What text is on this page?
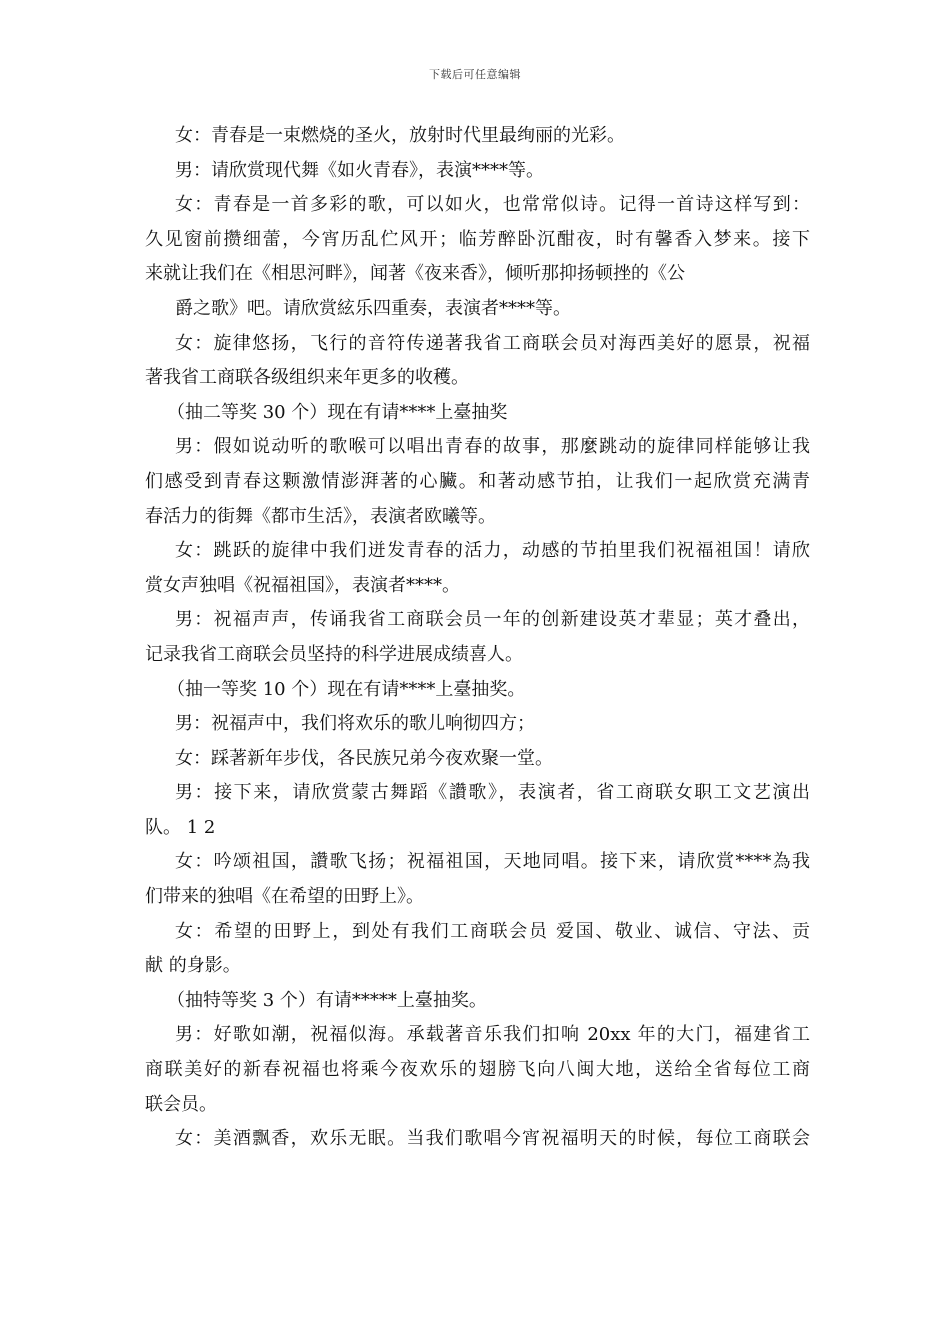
下载后可任意编辑
女：青春是一束燃烧的圣火，放射时代里最绚丽的光彩。
男：请欣赏现代舞《如火青春》，表演****等。
女：青春是一首多彩的歌，可以如火，也常常似诗。记得一首诗这样写到：
久见窗前攒细蕾，今宵历乱伫风开；临芳醉卧沉酣夜，时有馨香入梦来。接下
来就让我们在《相思河畔》，闻著《夜来香》，倾听那抑扬顿挫的《公
爵之歌》吧。请欣赏絃乐四重奏，表演者****等。
女：旋律悠扬，飞行的音符传递著我省工商联会员对海西美好的愿景，祝福
著我省工商联各级组织来年更多的收穫。
（抽二等奖 30 个）现在有请****上臺抽奖
男：假如说动听的歌喉可以唱出青春的故事，那麼跳动的旋律同样能够让我
们感受到青春这颗激情澎湃著的心臟。和著动感节拍，让我们一起欣赏充满青
春活力的街舞《都市生活》，表演者欧曦等。
女：跳跃的旋律中我们迸发青春的活力，动感的节拍里我们祝福祖国！请欣
赏女声独唱《祝福祖国》，表演者****。
男：祝福声声，传诵我省工商联会员一年的创新建设英才辈显；英才叠出，
记录我省工商联会员坚持的科学进展成绩喜人。
（抽一等奖 10 个）现在有请****上臺抽奖。
男：祝福声中，我们将欢乐的歌儿响彻四方；
女：踩著新年步伐，各民族兄弟今夜欢聚一堂。
男：接下来，请欣赏蒙古舞蹈《讚歌》，表演者，省工商联女职工文艺演出
队。 1 2
女：吟颂祖国，讚歌飞扬；祝福祖国，天地同唱。接下来，请欣赏****為我
们带来的独唱《在希望的田野上》。
女：希望的田野上，到处有我们工商联会员 爱国、敬业、诚信、守法、贡
献 的身影。
（抽特等奖 3 个）有请*****上臺抽奖。
男：好歌如潮，祝福似海。承载著音乐我们扣响 20xx 年的大门，福建省工
商联美好的新春祝福也将乘今夜欢乐的翅膀飞向八闽大地，送给全省每位工商
联会员。
女：美酒飘香，欢乐无眠。当我们歌唱今宵祝福明天的时候，每位工商联会
